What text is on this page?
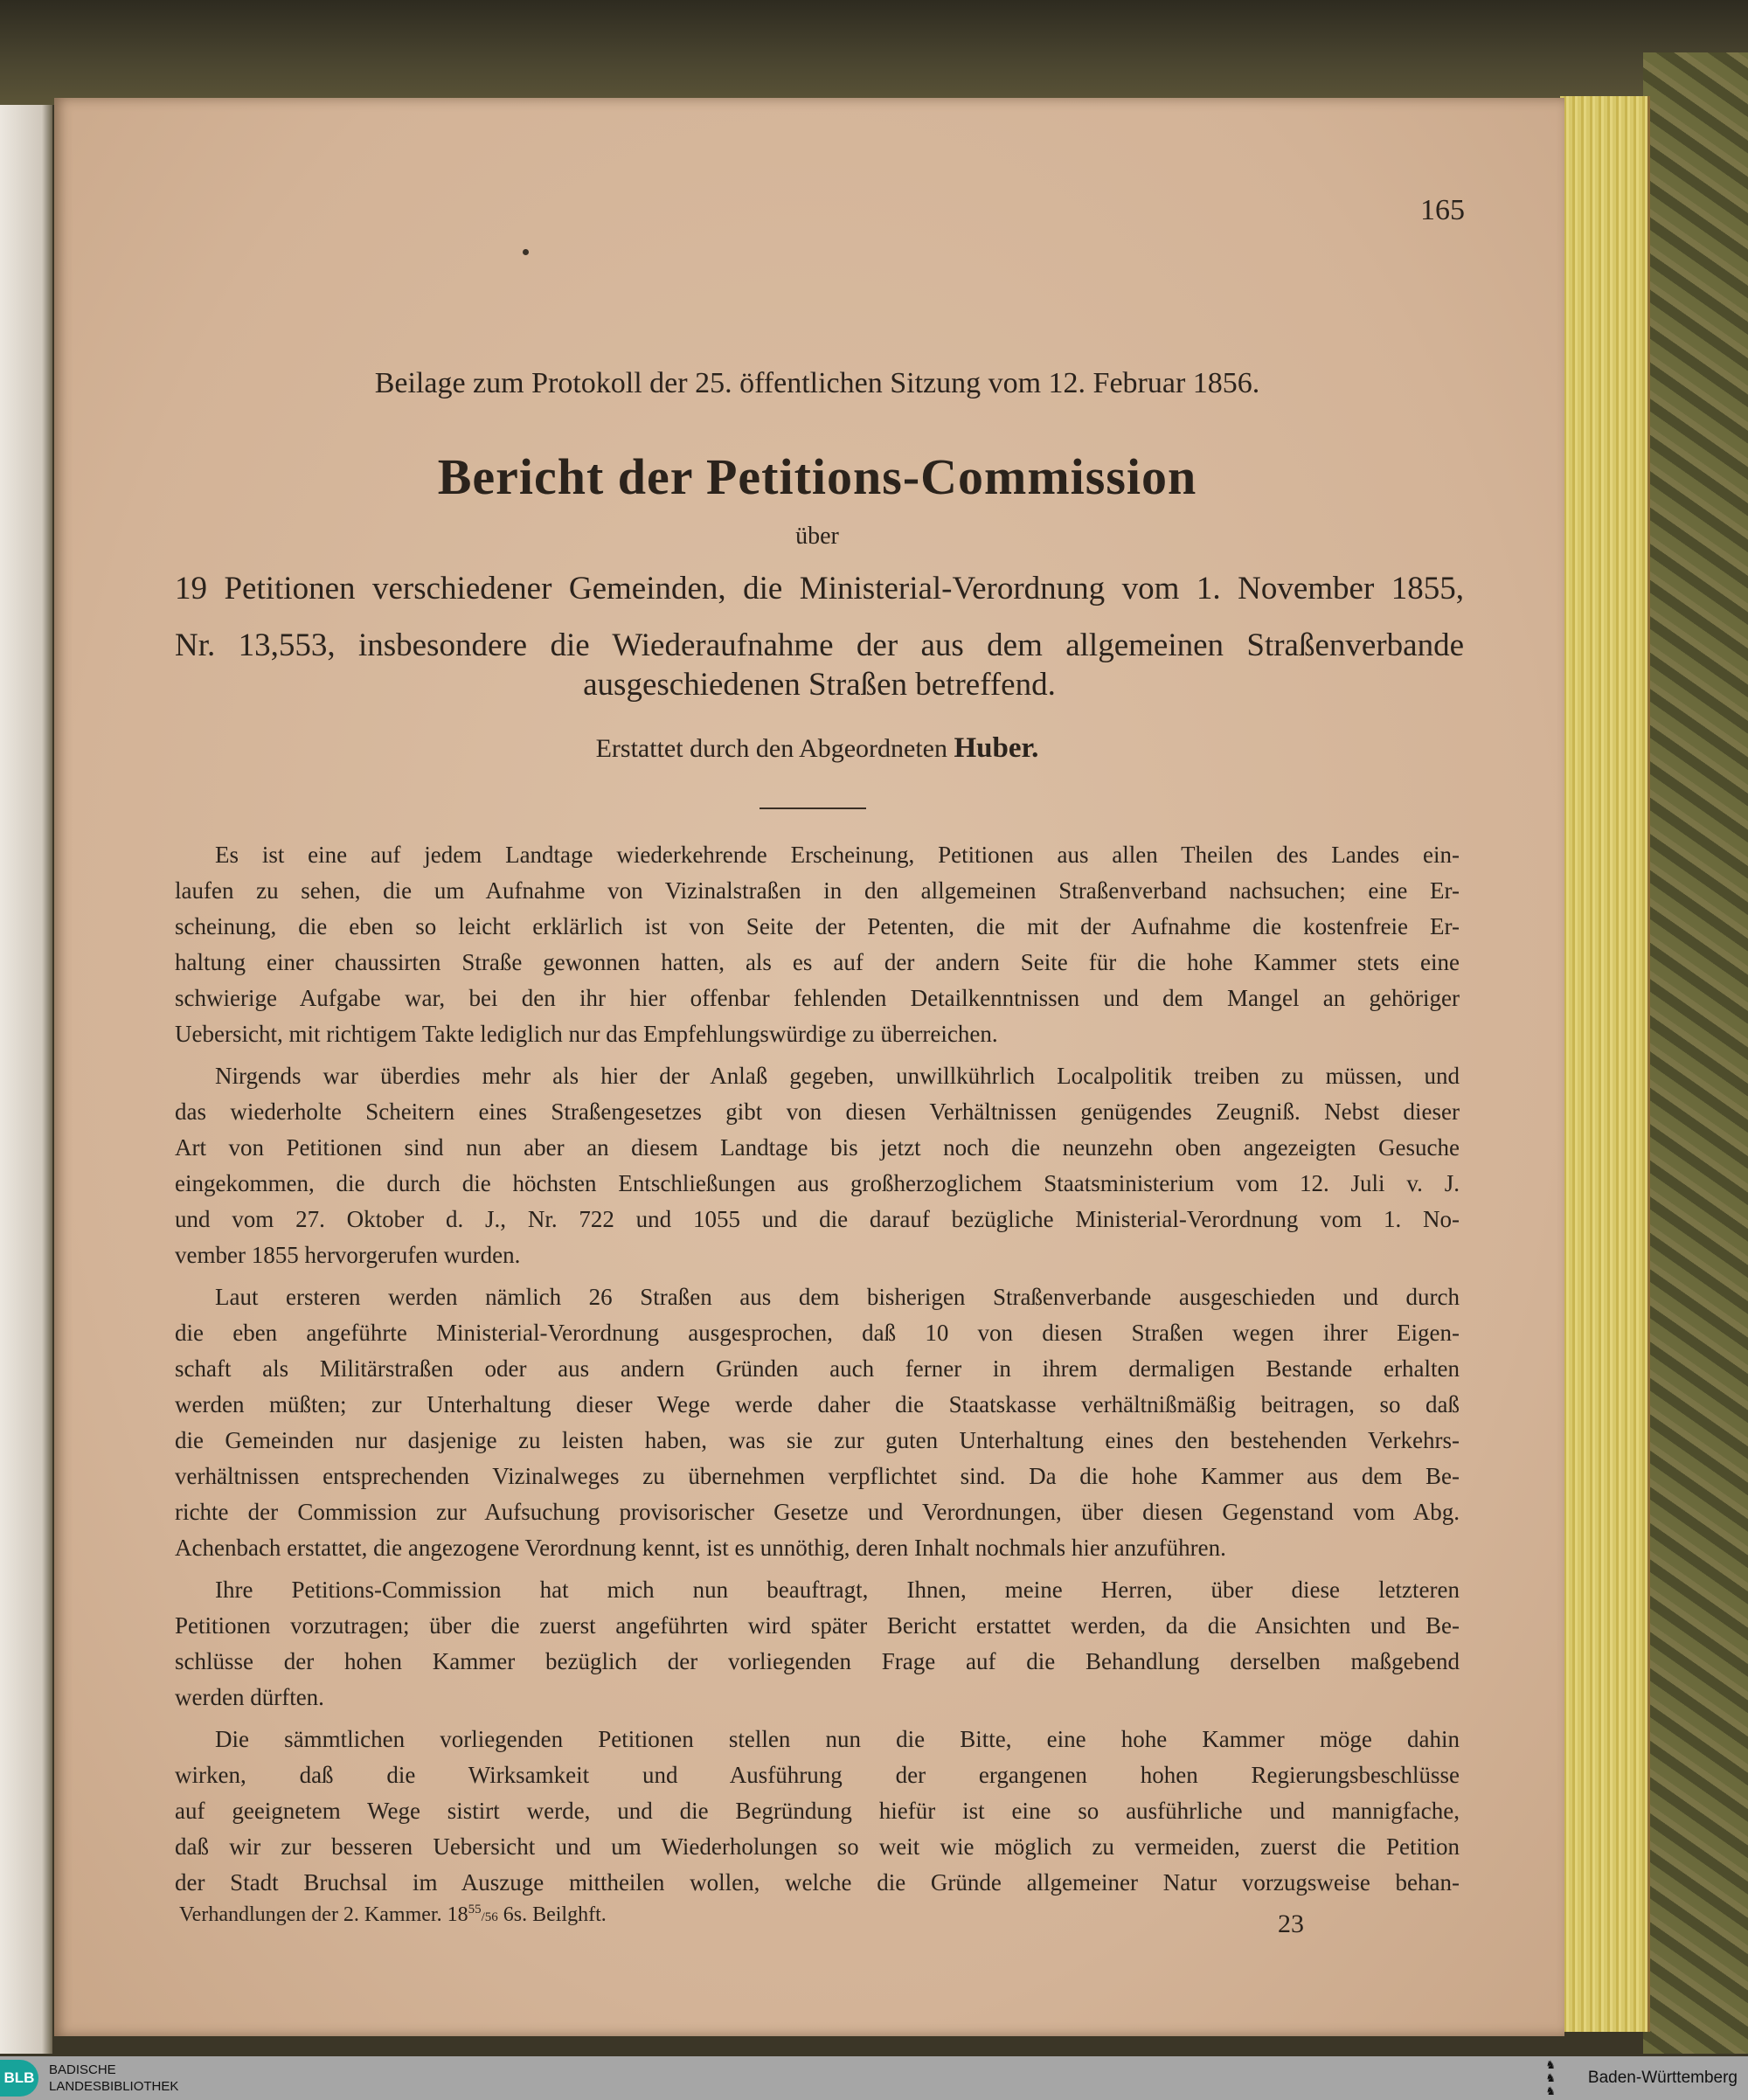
165
Beilage zum Protokoll der 25. öffentlichen Sitzung vom 12. Februar 1856.
Bericht der Petitions-Commission
über
19 Petitionen verschiedener Gemeinden, die Ministerial-Verordnung vom 1. November 1855,
Nr. 13,553, insbesondere die Wiederaufnahme der aus dem allgemeinen Straßenverbande
ausgeschiedenen Straßen betreffend.
Erstattet durch den Abgeordneten Huber.
Es ist eine auf jedem Landtage wiederkehrende Erscheinung, Petitionen aus allen Theilen des Landes ein-
laufen zu sehen, die um Aufnahme von Vizinalstraßen in den allgemeinen Straßenverband nachsuchen; eine Er-
scheinung, die eben so leicht erklärlich ist von Seite der Petenten, die mit der Aufnahme die kostenfreie Er-
haltung einer chaussirten Straße gewonnen hatten, als es auf der andern Seite für die hohe Kammer stets eine
schwierige Aufgabe war, bei den ihr hier offenbar fehlenden Detailkenntnissen und dem Mangel an gehöriger
Uebersicht, mit richtigem Takte lediglich nur das Empfehlungswürdige zu überreichen.
Nirgends war überdies mehr als hier der Anlaß gegeben, unwillkührlich Localpolitik treiben zu müssen, und
das wiederholte Scheitern eines Straßengesetzes gibt von diesen Verhältnissen genügendes Zeugniß. Nebst dieser
Art von Petitionen sind nun aber an diesem Landtage bis jetzt noch die neunzehn oben angezeigten Gesuche
eingekommen, die durch die höchsten Entschließungen aus großherzoglichem Staatsministerium vom 12. Juli v. J.
und vom 27. Oktober d. J., Nr. 722 und 1055 und die darauf bezügliche Ministerial-Verordnung vom 1. No-
vember 1855 hervorgerufen wurden.
Laut ersteren werden nämlich 26 Straßen aus dem bisherigen Straßenverbande ausgeschieden und durch
die eben angeführte Ministerial-Verordnung ausgesprochen, daß 10 von diesen Straßen wegen ihrer Eigen-
schaft als Militärstraßen oder aus andern Gründen auch ferner in ihrem dermaligen Bestande erhalten
werden müßten; zur Unterhaltung dieser Wege werde daher die Staatskasse verhältnißmäßig beitragen, so daß
die Gemeinden nur dasjenige zu leisten haben, was sie zur guten Unterhaltung eines den bestehenden Verkehrs-
verhältnissen entsprechenden Vizinalweges zu übernehmen verpflichtet sind. Da die hohe Kammer aus dem Be-
richte der Commission zur Aufsuchung provisorischer Gesetze und Verordnungen, über diesen Gegenstand vom Abg.
Achenbach erstattet, die angezogene Verordnung kennt, ist es unnöthig, deren Inhalt nochmals hier anzuführen.
Ihre Petitions-Commission hat mich nun beauftragt, Ihnen, meine Herren, über diese letzteren
Petitionen vorzutragen; über die zuerst angeführten wird später Bericht erstattet werden, da die Ansichten und Be-
schlüsse der hohen Kammer bezüglich der vorliegenden Frage auf die Behandlung derselben maßgebend
werden dürften.
Die sämmtlichen vorliegenden Petitionen stellen nun die Bitte, eine hohe Kammer möge dahin
wirken, daß die Wirksamkeit und Ausführung der ergangenen hohen Regierungsbeschlüsse
auf geeignetem Wege sistirt werde, und die Begründung hiefür ist eine so ausführliche und mannigfache,
daß wir zur besseren Uebersicht und um Wiederholungen so weit wie möglich zu vermeiden, zuerst die Petition
der Stadt Bruchsal im Auszuge mittheilen wollen, welche die Gründe allgemeiner Natur vorzugsweise behan-
Verhandlungen der 2. Kammer. $18^{55}/56$ 6s. Beilghft.	23
BLB	BADISCHE
LANDESBIBLIOTHEK
♞
♞
♞
Baden-Württemberg
